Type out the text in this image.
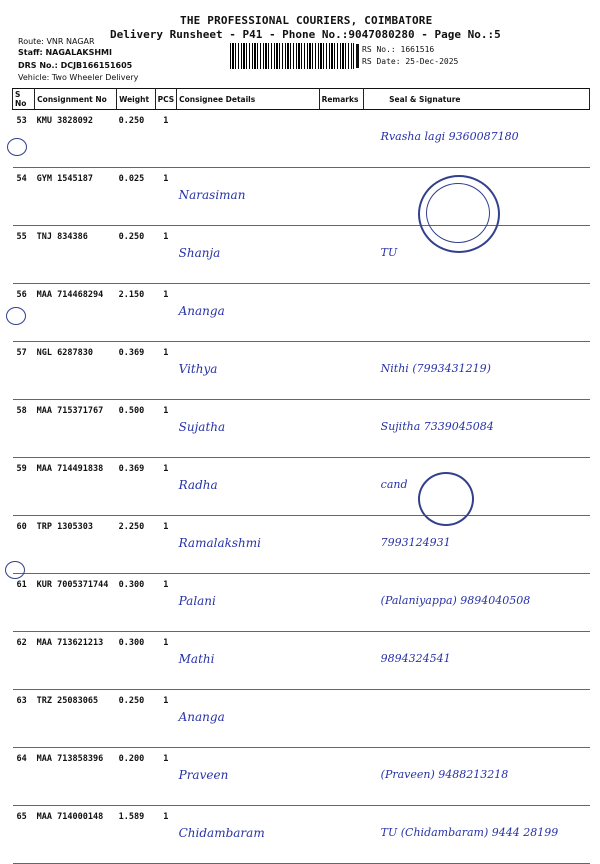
THE PROFESSIONAL COURIERS, COIMBATORE
Delivery Runsheet - P41 - Phone No.:9047080280 - Page No.:5
Route: VNR NAGAR
Staff: NAGALAKSHMI
DRS No.: DCJB166151605
Vehicle: Two Wheeler Delivery
RS No.: 1661516
RS Date: 25-Dec-2025
S No	Consignment No	Weight	PCS	Consignee Details	Remarks	Seal & Signature
53	KMU 3828092	0.250	1			Rvasha lagi 9360087180
54	GYM 1545187	0.025	1	Narasiman		
55	TNJ 834386	0.250	1	Shanja		TU
56	MAA 714468294	2.150	1	Ananga		
57	NGL 6287830	0.369	1	Vithya		Nithi (7993431219)
58	MAA 715371767	0.500	1	Sujatha		Sujitha 7339045084
59	MAA 714491838	0.369	1	Radha		cand
60	TRP 1305303	2.250	1	Ramalakshmi		7993124931
61	KUR 7005371744	0.300	1	Palani		(Palaniyappa) 9894040508
62	MAA 713621213	0.300	1	Mathi		9894324541
63	TRZ 25083065	0.250	1	Ananga		
64	MAA 713858396	0.200	1	Praveen		(Praveen) 9488213218
65	MAA 714000148	1.589	1	Chidambaram		TU (Chidambaram) 9444 28199
